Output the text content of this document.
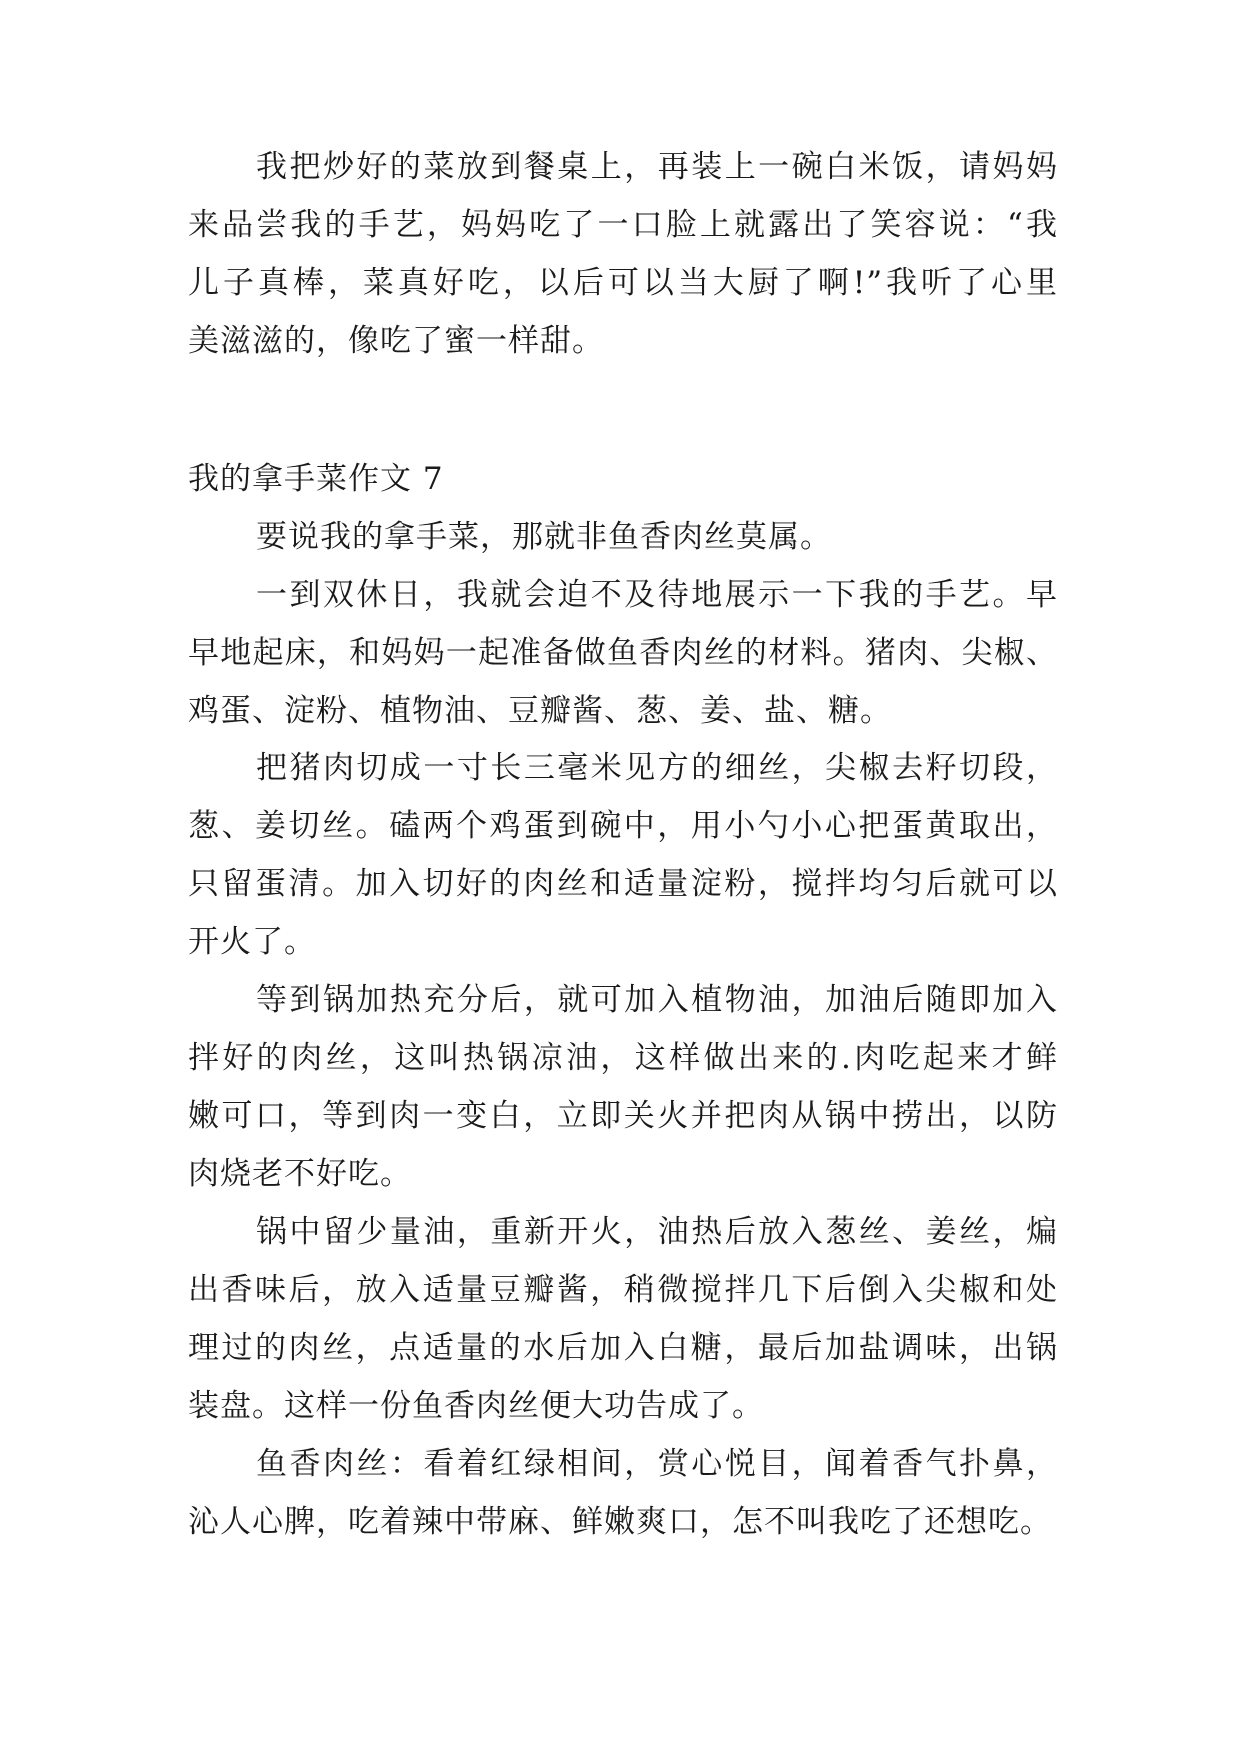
我把炒好的菜放到餐桌上，再装上一碗白米饭，请妈妈
来品尝我的手艺，妈妈吃了一口脸上就露出了笑容说：“我
儿子真棒，菜真好吃，以后可以当大厨了啊!”我听了心里
美滋滋的，像吃了蜜一样甜。
我的拿手菜作文 7
要说我的拿手菜，那就非鱼香肉丝莫属。
一到双休日，我就会迫不及待地展示一下我的手艺。早
早地起床，和妈妈一起准备做鱼香肉丝的材料。猪肉、尖椒、
鸡蛋、淀粉、植物油、豆瓣酱、葱、姜、盐、糖。
把猪肉切成一寸长三毫米见方的细丝，尖椒去籽切段，
葱、姜切丝。磕两个鸡蛋到碗中，用小勺小心把蛋黄取出，
只留蛋清。加入切好的肉丝和适量淀粉，搅拌均匀后就可以
开火了。
等到锅加热充分后，就可加入植物油，加油后随即加入
拌好的肉丝，这叫热锅凉油，这样做出来的.肉吃起来才鲜
嫩可口，等到肉一变白，立即关火并把肉从锅中捞出，以防
肉烧老不好吃。
锅中留少量油，重新开火，油热后放入葱丝、姜丝，煸
出香味后，放入适量豆瓣酱，稍微搅拌几下后倒入尖椒和处
理过的肉丝，点适量的水后加入白糖，最后加盐调味，出锅
装盘。这样一份鱼香肉丝便大功告成了。
鱼香肉丝：看着红绿相间，赏心悦目，闻着香气扑鼻，
沁人心脾，吃着辣中带麻、鲜嫩爽口，怎不叫我吃了还想吃。
